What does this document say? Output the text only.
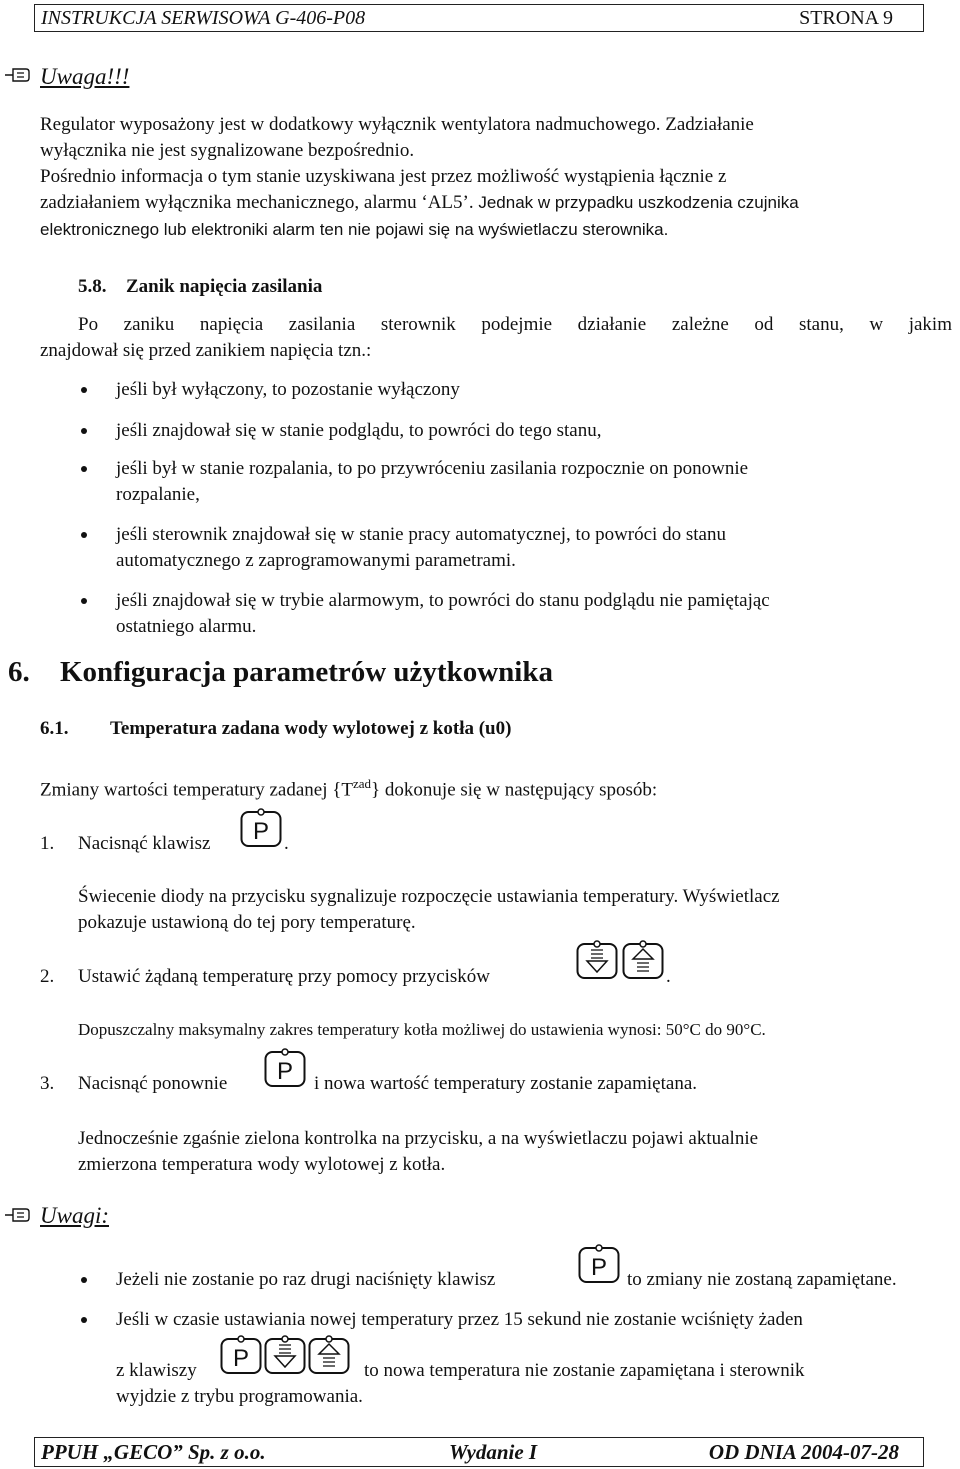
INSTRUKCJA SERWISOWA G-406-P08	STRONA 9
Uwaga!!!
Regulator wyposażony jest w dodatkowy wyłącznik wentylatora nadmuchowego. Zadziałanie
wyłącznika nie jest sygnalizowane bezpośrednio.
Pośrednio informacja o tym stanie uzyskiwana jest przez możliwość wystąpienia łącznie z
zadziałaniem wyłącznika mechanicznego, alarmu ‘AL5’. Jednak w przypadku uszkodzenia czujnika
elektronicznego lub elektroniki alarm ten nie pojawi się na wyświetlaczu sterownika.
5.8. Zanik napięcia zasilania
Po zaniku napięcia zasilania sterownik podejmie działanie zależne od stanu, w jakim
znajdował się przed zanikiem napięcia tzn.:
jeśli był wyłączony, to pozostanie wyłączony
jeśli znajdował się w stanie podglądu, to powróci do tego stanu,
jeśli był w stanie rozpalania, to po przywróceniu zasilania rozpocznie on ponownie
rozpalanie,
jeśli sterownik znajdował się w stanie pracy automatycznej, to powróci do stanu
automatycznego z zaprogramowanymi parametrami.
jeśli znajdował się w trybie alarmowym, to powróci do stanu podglądu nie pamiętając
ostatniego alarmu.
6. Konfiguracja parametrów użytkownika
6.1. Temperatura zadana wody wylotowej z kotła (u0)
Zmiany wartości temperatury zadanej $\{T^{zad}\}$ dokonuje się w następujący sposób:
1. Nacisnąć klawisz P .
Świecenie diody na przycisku sygnalizuje rozpoczęcie ustawiania temperatury. Wyświetlacz
pokazuje ustawioną do tej pory temperaturę.
2. Ustawić żądaną temperaturę przy pomocy przycisków	.
Dopuszczalny maksymalny zakres temperatury kotła możliwej do ustawienia wynosi: 50°C do 90°C.
3. Nacisnąć ponownie P i nowa wartość temperatury zostanie zapamiętana.
Jednocześnie zgaśnie zielona kontrolka na przycisku, a na wyświetlaczu pojawi aktualnie
zmierzona temperatura wody wylotowej z kotła.
Uwagi:
Jeżeli nie zostanie po raz drugi naciśnięty klawisz	P to zmiany nie zostaną zapamiętane.
Jeśli w czasie ustawiania nowej temperatury przez 15 sekund nie zostanie wciśnięty żaden
z klawiszy P	to nowa temperatura nie zostanie zapamiętana i sterownik
wyjdzie z trybu programowania.
PPUH „GECO” Sp. z o.o.	Wydanie I	OD DNIA 2004-07-28
